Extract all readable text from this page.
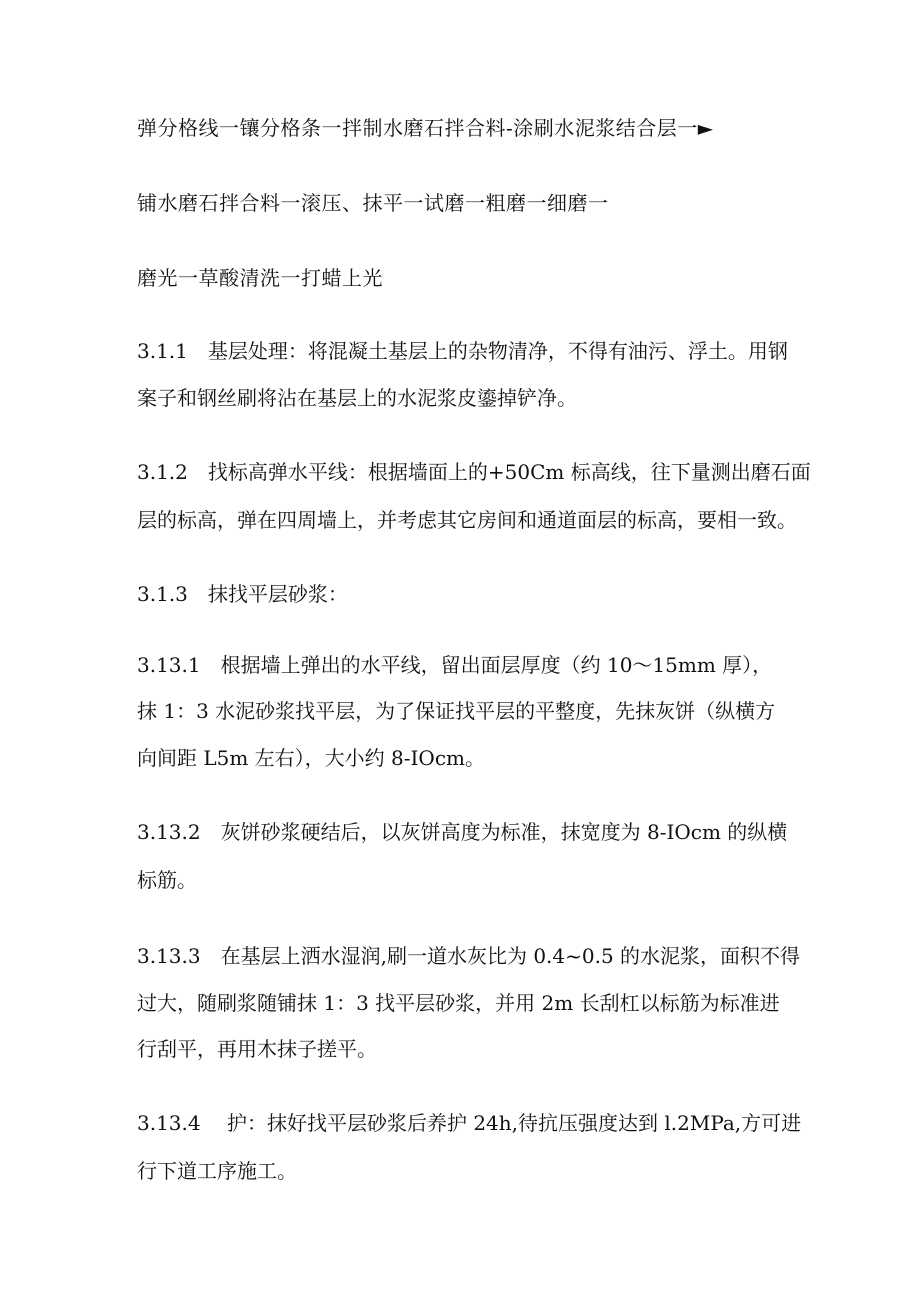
弹分格线一镶分格条一拌制水磨石拌合料-涂刷水泥浆结合层一►
铺水磨石拌合料一滚压、抹平一试磨一粗磨一细磨一
磨光一草酸清洗一打蜡上光
3.1.1　基层处理：将混凝土基层上的杂物清净，不得有油污、浮土。用钢
案子和钢丝刷将沾在基层上的水泥浆皮鎏掉铲净。
3.1.2　找标高弹水平线：根据墙面上的+50Cm 标高线，往下量测出磨石面
层的标高，弹在四周墙上，并考虑其它房间和通道面层的标高，要相一致。
3.1.3　抹找平层砂浆：
3.13.1　根据墙上弹出的水平线，留出面层厚度（约 10～15mm 厚），
抹 1：3 水泥砂浆找平层，为了保证找平层的平整度，先抹灰饼（纵横方
向间距 L5m 左右），大小约 8-IOcm。
3.13.2　灰饼砂浆硬结后，以灰饼高度为标准，抹宽度为 8-IOcm 的纵横
标筋。
3.13.3　在基层上洒水湿润,刷一道水灰比为 0.4~0.5 的水泥浆，面积不得
过大，随刷浆随铺抹 1：3 找平层砂浆，并用 2m 长刮杠以标筋为标准进
行刮平，再用木抹子搓平。
3.13.4　 护：抹好找平层砂浆后养护 24h,待抗压强度达到 l.2MPa,方可进
行下道工序施工。
